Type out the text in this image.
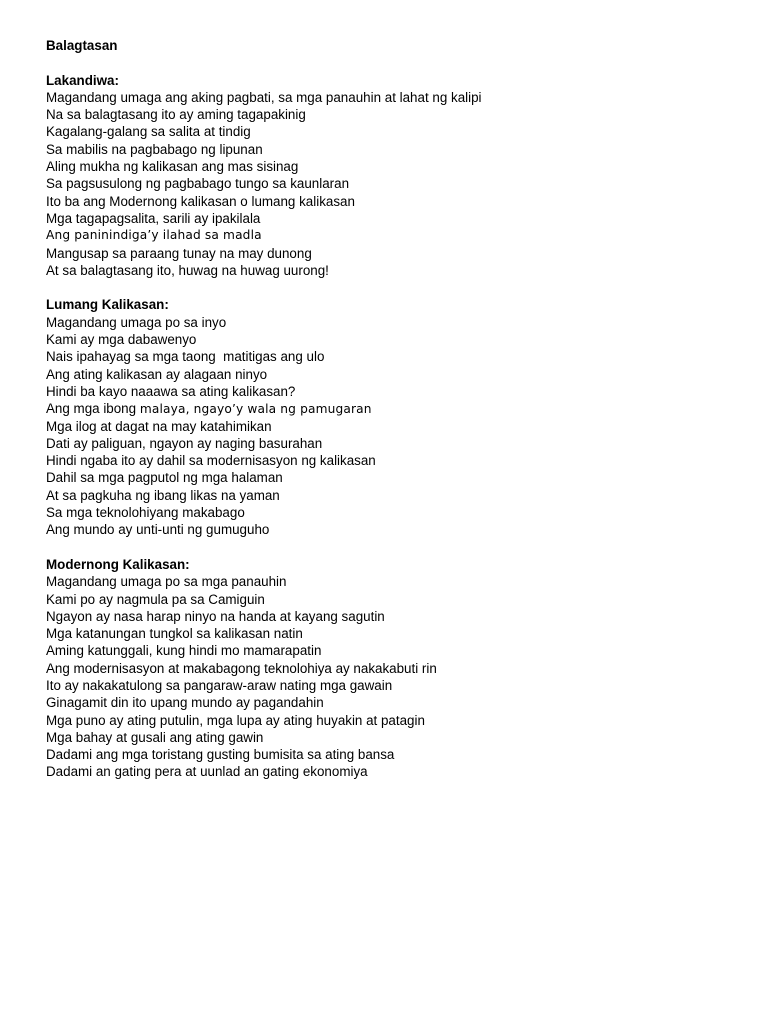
Balagtasan
Lakandiwa:
Magandang umaga ang aking pagbati, sa mga panauhin at lahat ng kalipi
Na sa balagtasang ito ay aming tagapakinig
Kagalang-galang sa salita at tindig
Sa mabilis na pagbabago ng lipunan
Aling mukha ng kalikasan ang mas sisinag
Sa pagsusulong ng pagbabago tungo sa kaunlaran
Ito ba ang Modernong kalikasan o lumang kalikasan
Mga tagapagsalita, sarili ay ipakilala
Ang paninindiga’y ilahad sa madla
Mangusap sa paraang tunay na may dunong
At sa balagtasang ito, huwag na huwag uurong!
Lumang Kalikasan:
Magandang umaga po sa inyo
Kami ay mga dabawenyo
Nais ipahayag sa mga taong  matitigas ang ulo
Ang ating kalikasan ay alagaan ninyo
Hindi ba kayo naaawa sa ating kalikasan?
Ang mga ibong malaya, ngayo’y wala ng pamugaran
Mga ilog at dagat na may katahimikan
Dati ay paliguan, ngayon ay naging basurahan
Hindi ngaba ito ay dahil sa modernisasyon ng kalikasan
Dahil sa mga pagputol ng mga halaman
At sa pagkuha ng ibang likas na yaman
Sa mga teknolohiyang makabago
Ang mundo ay unti-unti ng gumuguho
Modernong Kalikasan:
Magandang umaga po sa mga panauhin
Kami po ay nagmula pa sa Camiguin
Ngayon ay nasa harap ninyo na handa at kayang sagutin
Mga katanungan tungkol sa kalikasan natin
Aming katunggali, kung hindi mo mamarapatin
Ang modernisasyon at makabagong teknolohiya ay nakakabuti rin
Ito ay nakakatulong sa pangaraw-araw nating mga gawain
Ginagamit din ito upang mundo ay pagandahin
Mga puno ay ating putulin, mga lupa ay ating huyakin at patagin
Mga bahay at gusali ang ating gawin
Dadami ang mga toristang gusting bumisita sa ating bansa
Dadami an gating pera at uunlad an gating ekonomiya
